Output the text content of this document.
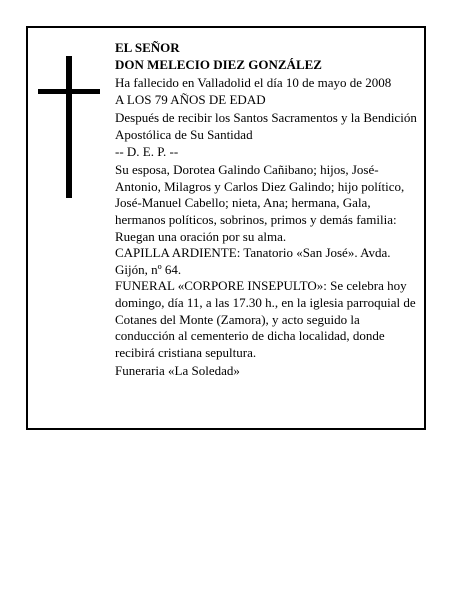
EL SEÑOR

DON MELECIO DIEZ GONZÁLEZ

Ha fallecido en Valladolid el día 10 de mayo de 2008

A LOS 79 AÑOS DE EDAD

Después de recibir los Santos Sacramentos y la Bendición Apostólica de Su Santidad

-- D. E. P. --

Su esposa, Dorotea Galindo Cañibano; hijos, José-Antonio, Milagros y Carlos Diez Galindo; hijo político, José-Manuel Cabello; nieta, Ana; hermana, Gala, hermanos políticos, sobrinos, primos y demás familia:

Ruegan una oración por su alma.

CAPILLA ARDIENTE: Tanatorio «San José». Avda. Gijón, nº 64.

FUNERAL «CORPORE INSEPULTO»: Se celebra hoy domingo, día 11, a las 17.30 h., en la iglesia parroquial de Cotanes del Monte (Zamora), y acto seguido la conducción al cementerio de dicha localidad, donde recibirá cristiana sepultura.

Funeraria «La Soledad»
